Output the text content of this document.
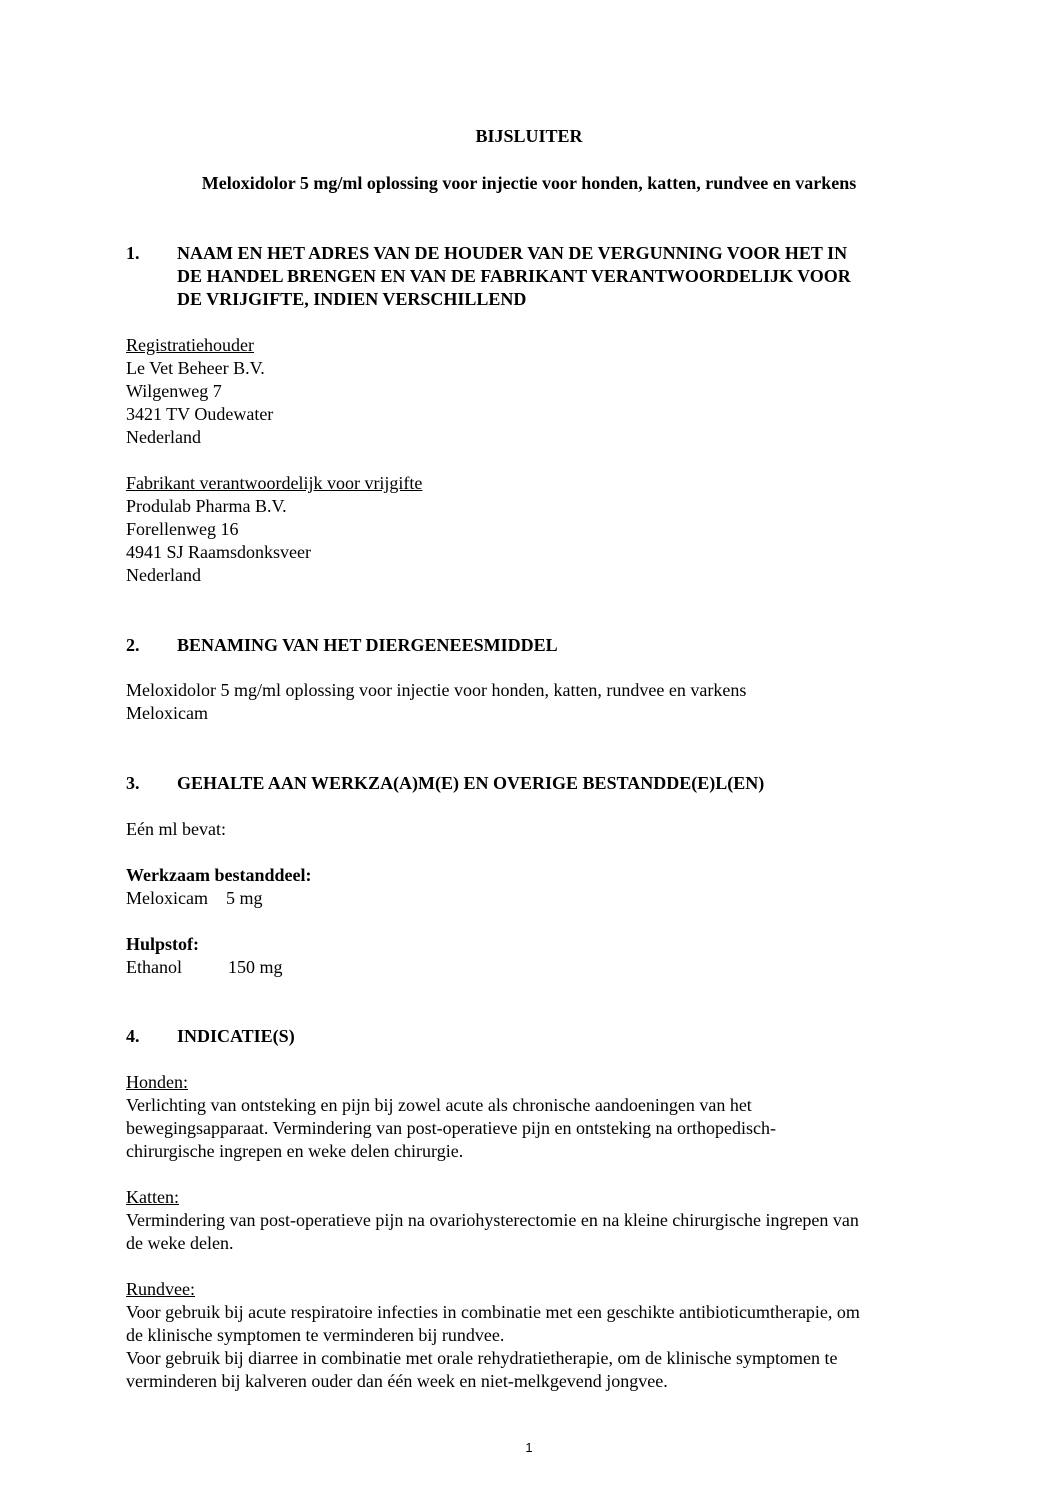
BIJSLUITER
Meloxidolor 5 mg/ml oplossing voor injectie voor honden, katten, rundvee en varkens
1. NAAM EN HET ADRES VAN DE HOUDER VAN DE VERGUNNING VOOR HET IN
DE HANDEL BRENGEN EN VAN DE FABRIKANT VERANTWOORDELIJK VOOR
DE VRIJGIFTE, INDIEN VERSCHILLEND
Registratiehouder
Le Vet Beheer B.V.
Wilgenweg 7
3421 TV Oudewater
Nederland
Fabrikant verantwoordelijk voor vrijgifte
Produlab Pharma B.V.
Forellenweg 16
4941 SJ Raamsdonksveer
Nederland
2. BENAMING VAN HET DIERGENEESMIDDEL
Meloxidolor 5 mg/ml oplossing voor injectie voor honden, katten, rundvee en varkens
Meloxicam
3. GEHALTE AAN WERKZA(A)M(E) EN OVERIGE BESTANDDE(E)L(EN)
Eén ml bevat:
Werkzaam bestanddeel:
Meloxicam 5 mg
Hulpstof:
Ethanol	150 mg
4. INDICATIE(S)
Honden:
Verlichting van ontsteking en pijn bij zowel acute als chronische aandoeningen van het
bewegingsapparaat. Vermindering van post-operatieve pijn en ontsteking na orthopedisch-
chirurgische ingrepen en weke delen chirurgie.
Katten:
Vermindering van post-operatieve pijn na ovariohysterectomie en na kleine chirurgische ingrepen van
de weke delen.
Rundvee:
Voor gebruik bij acute respiratoire infecties in combinatie met een geschikte antibioticumtherapie, om
de klinische symptomen te verminderen bij rundvee.
Voor gebruik bij diarree in combinatie met orale rehydratietherapie, om de klinische symptomen te
verminderen bij kalveren ouder dan één week en niet-melkgevend jongvee.
1
